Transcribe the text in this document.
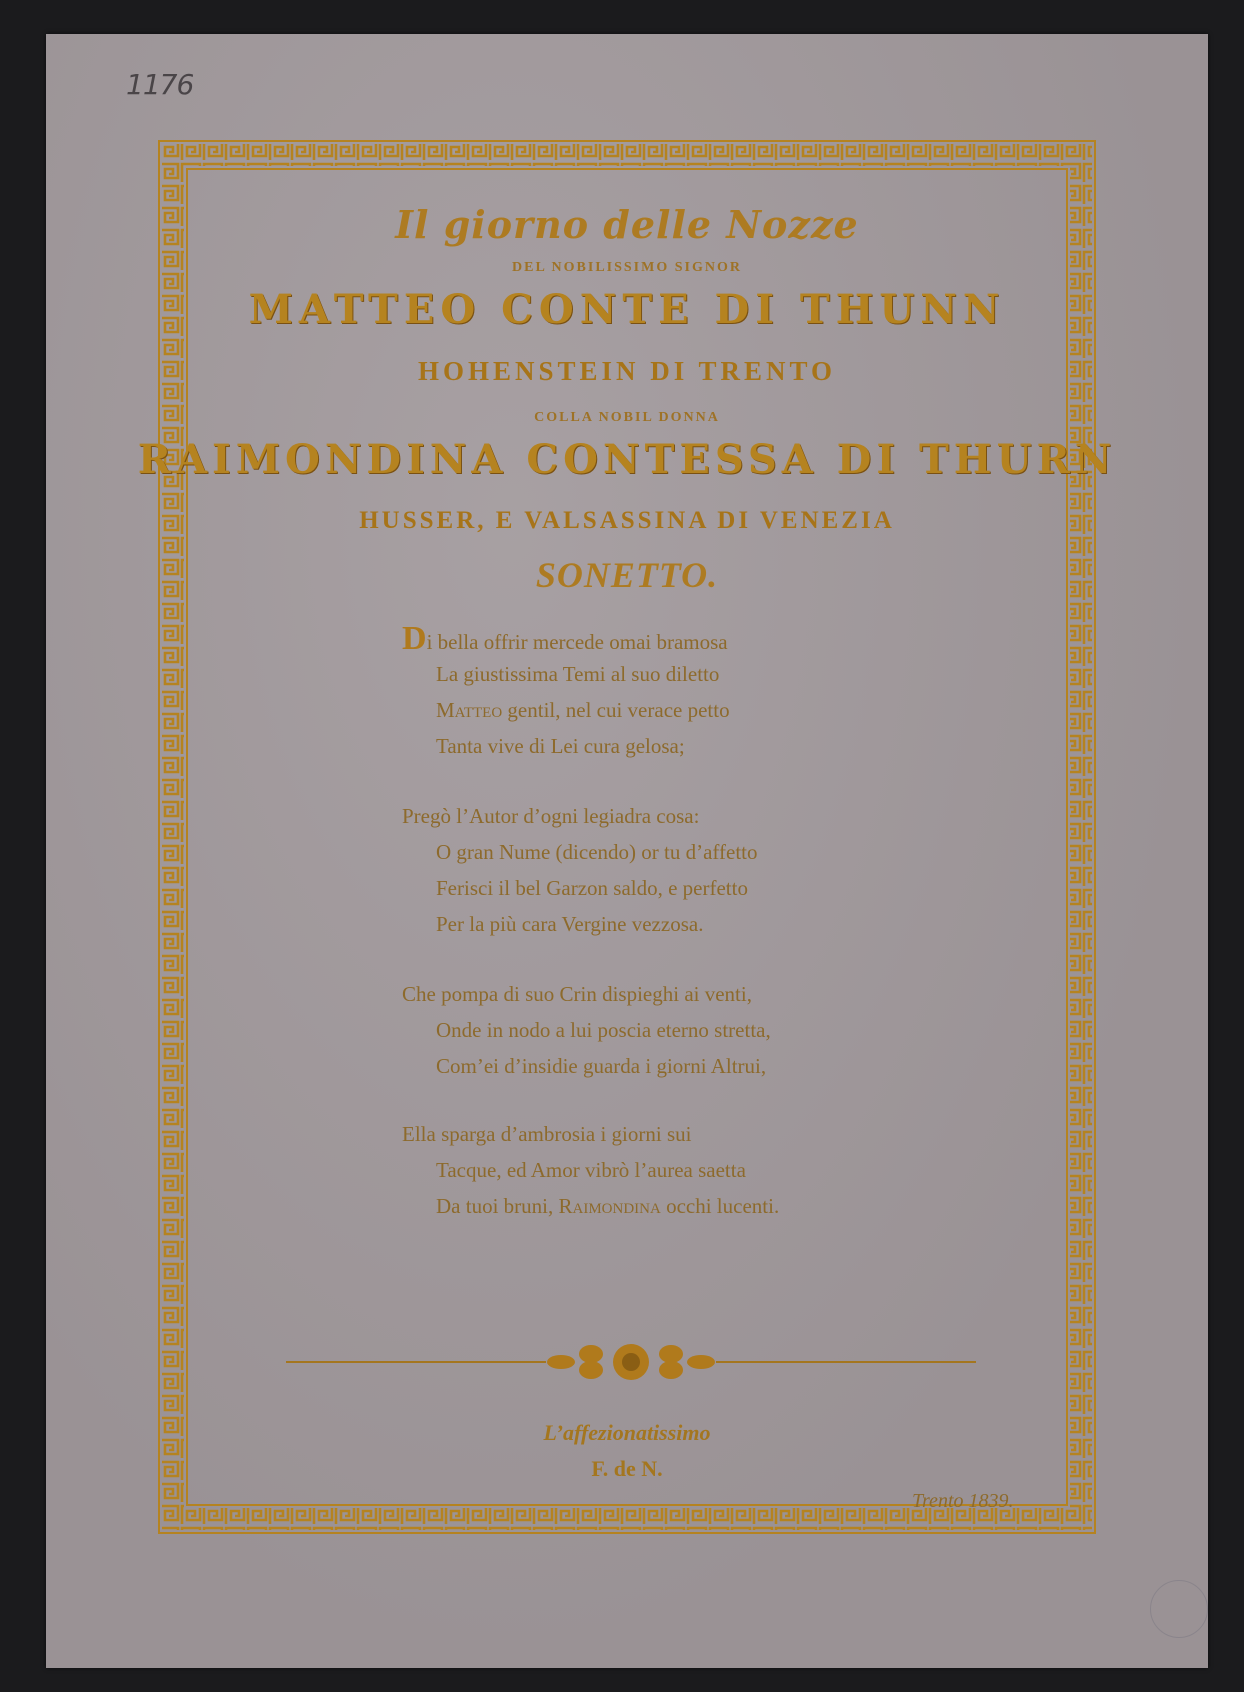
1176

Il giorno delle Nozze

DEL NOBILISSIMO SIGNOR

MATTEO CONTE DI THUNN

HOHENSTEIN DI TRENTO

COLLA NOBIL DONNA

RAIMONDINA CONTESSA DI THURN

HUSSER, E VALSASSINA DI VENEZIA

SONETTO.

Di bella offrir mercede omai bramosa
La giustissima Temi al suo diletto
Matteo gentil, nel cui verace petto
Tanta vive di Lei cura gelosa;
Pregò l’Autor d’ogni legiadra cosa:
O gran Nume (dicendo) or tu d’affetto
Ferisci il bel Garzon saldo, e perfetto
Per la più cara Vergine vezzosa.
Che pompa di suo Crin dispieghi ai venti,
Onde in nodo a lui poscia eterno stretta,
Com’ei d’insidie guarda i giorni Altrui,
Ella sparga d’ambrosia i giorni sui
Tacque, ed Amor vibrò l’aurea saetta
Da tuoi bruni, Raimondina occhi lucenti.
L’affezionatissimo
F. de N.
Trento 1839.
